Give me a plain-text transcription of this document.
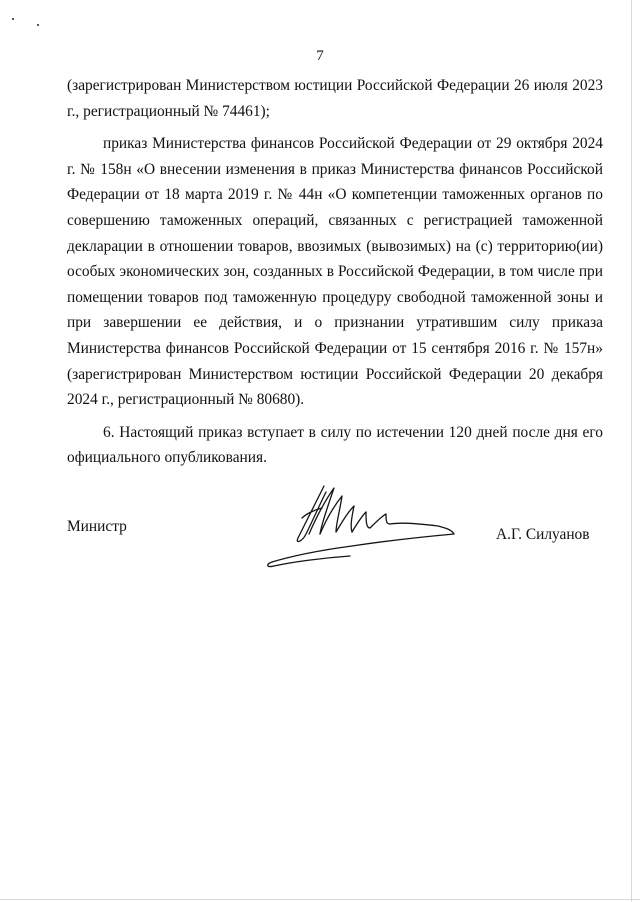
7

(зарегистрирован Министерством юстиции Российской Федерации 26 июля 2023 г., регистрационный № 74461);

приказ Министерства финансов Российской Федерации от 29 октября 2024 г. № 158н «О внесении изменения в приказ Министерства финансов Российской Федерации от 18 марта 2019 г. № 44н «О компетенции таможенных органов по совершению таможенных операций, связанных с регистрацией таможенной декларации в отношении товаров, ввозимых (вывозимых) на (с) территорию(ии) особых экономических зон, созданных в Российской Федерации, в том числе при помещении товаров под таможенную процедуру свободной таможенной зоны и при завершении ее действия, и о признании утратившим силу приказа Министерства финансов Российской Федерации от 15 сентября 2016 г. № 157н» (зарегистрирован Министерством юстиции Российской Федерации 20 декабря 2024 г., регистрационный № 80680).

6. Настоящий приказ вступает в силу по истечении 120 дней после дня его официального опубликования.

Министр	А.Г. Силуанов
